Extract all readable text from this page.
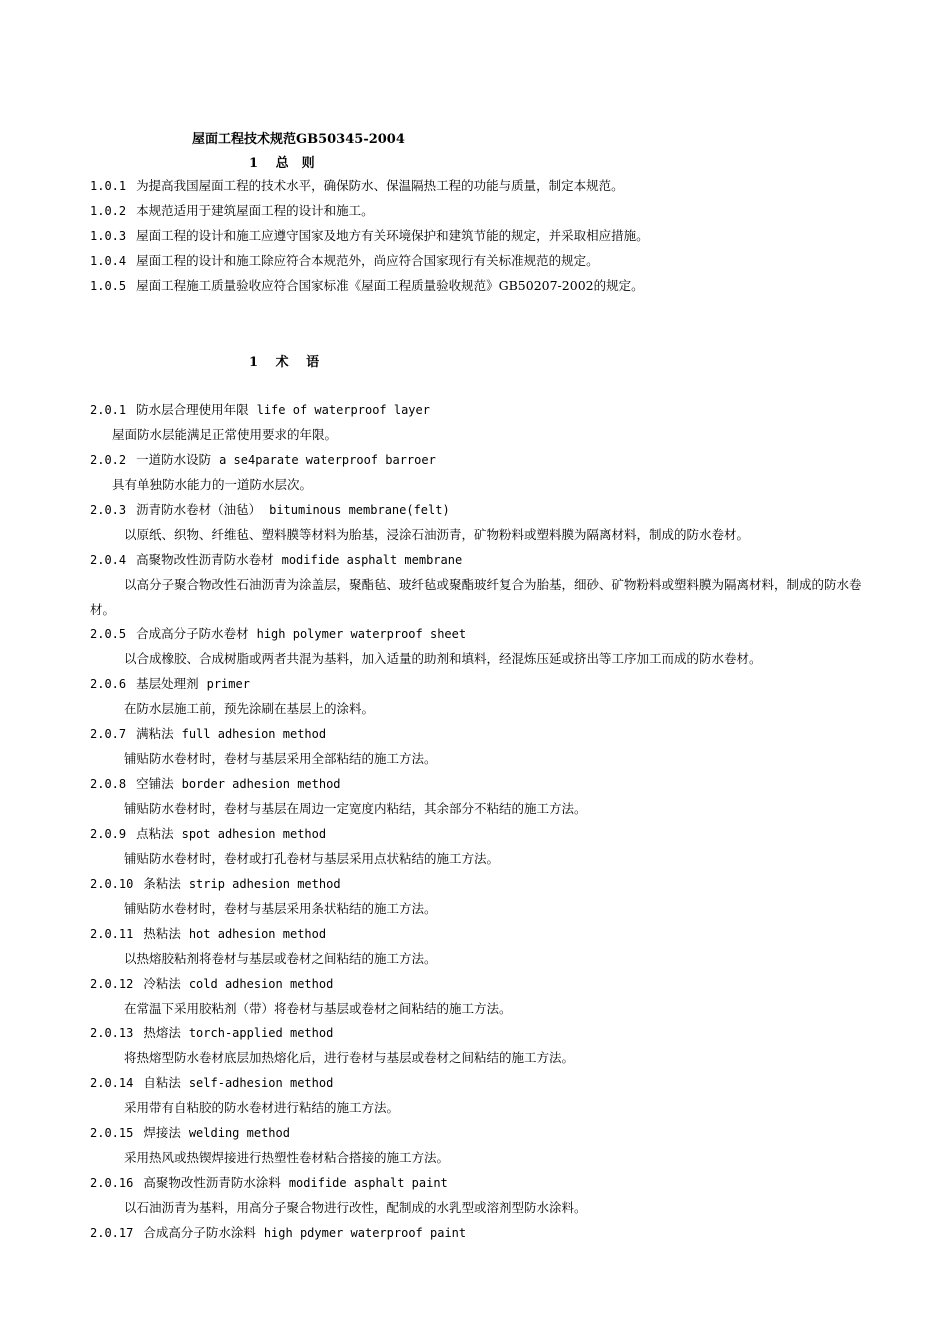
屋面工程技术规范GB50345-2004
1　 总　则
1.0.1 为提高我国屋面工程的技术水平，确保防水、保温隔热工程的功能与质量，制定本规范。
1.0.2 本规范适用于建筑屋面工程的设计和施工。
1.0.3 屋面工程的设计和施工应遵守国家及地方有关环境保护和建筑节能的规定，并采取相应措施。
1.0.4 屋面工程的设计和施工除应符合本规范外，尚应符合国家现行有关标准规范的规定。
1.0.5 屋面工程施工质量验收应符合国家标准《屋面工程质量验收规范》GB50207-2002的规定。
1　 术　 语
2.0.1 防水层合理使用年限 life of waterproof layer
屋面防水层能满足正常使用要求的年限。
2.0.2 一道防水设防 a se4parate waterproof barroer
具有单独防水能力的一道防水层次。
2.0.3 沥青防水卷材（油毡） bituminous membrane(felt)
以原纸、织物、纤维毡、塑料膜等材料为胎基，浸涂石油沥青，矿物粉料或塑料膜为隔离材料，制成的防水卷材。
2.0.4 高聚物改性沥青防水卷材 modifide asphalt membrane
以高分子聚合物改性石油沥青为涂盖层，聚酯毡、玻纤毡或聚酯玻纤复合为胎基，细砂、矿物粉料或塑料膜为隔离材料，制成的防水卷材。
2.0.5 合成高分子防水卷材 high polymer waterproof sheet
以合成橡胶、合成树脂或两者共混为基料，加入适量的助剂和填料，经混炼压延或挤出等工序加工而成的防水卷材。
2.0.6 基层处理剂 primer
在防水层施工前，预先涂刷在基层上的涂料。
2.0.7 满粘法 full adhesion method
铺贴防水卷材时，卷材与基层采用全部粘结的施工方法。
2.0.8 空铺法 border adhesion method
铺贴防水卷材时，卷材与基层在周边一定宽度内粘结，其余部分不粘结的施工方法。
2.0.9 点粘法 spot adhesion method
铺贴防水卷材时，卷材或打孔卷材与基层采用点状粘结的施工方法。
2.0.10 条粘法 strip adhesion method
铺贴防水卷材时，卷材与基层采用条状粘结的施工方法。
2.0.11 热粘法 hot adhesion method
以热熔胶粘剂将卷材与基层或卷材之间粘结的施工方法。
2.0.12 冷粘法 cold adhesion method
在常温下采用胶粘剂（带）将卷材与基层或卷材之间粘结的施工方法。
2.0.13 热熔法 torch-applied method
将热熔型防水卷材底层加热熔化后，进行卷材与基层或卷材之间粘结的施工方法。
2.0.14 自粘法 self-adhesion method
采用带有自粘胶的防水卷材进行粘结的施工方法。
2.0.15 焊接法 welding method
采用热风或热锲焊接进行热塑性卷材粘合搭接的施工方法。
2.0.16 高聚物改性沥青防水涂料 modifide asphalt paint
以石油沥青为基料，用高分子聚合物进行改性，配制成的水乳型或溶剂型防水涂料。
2.0.17 合成高分子防水涂料 high pdymer waterproof paint
